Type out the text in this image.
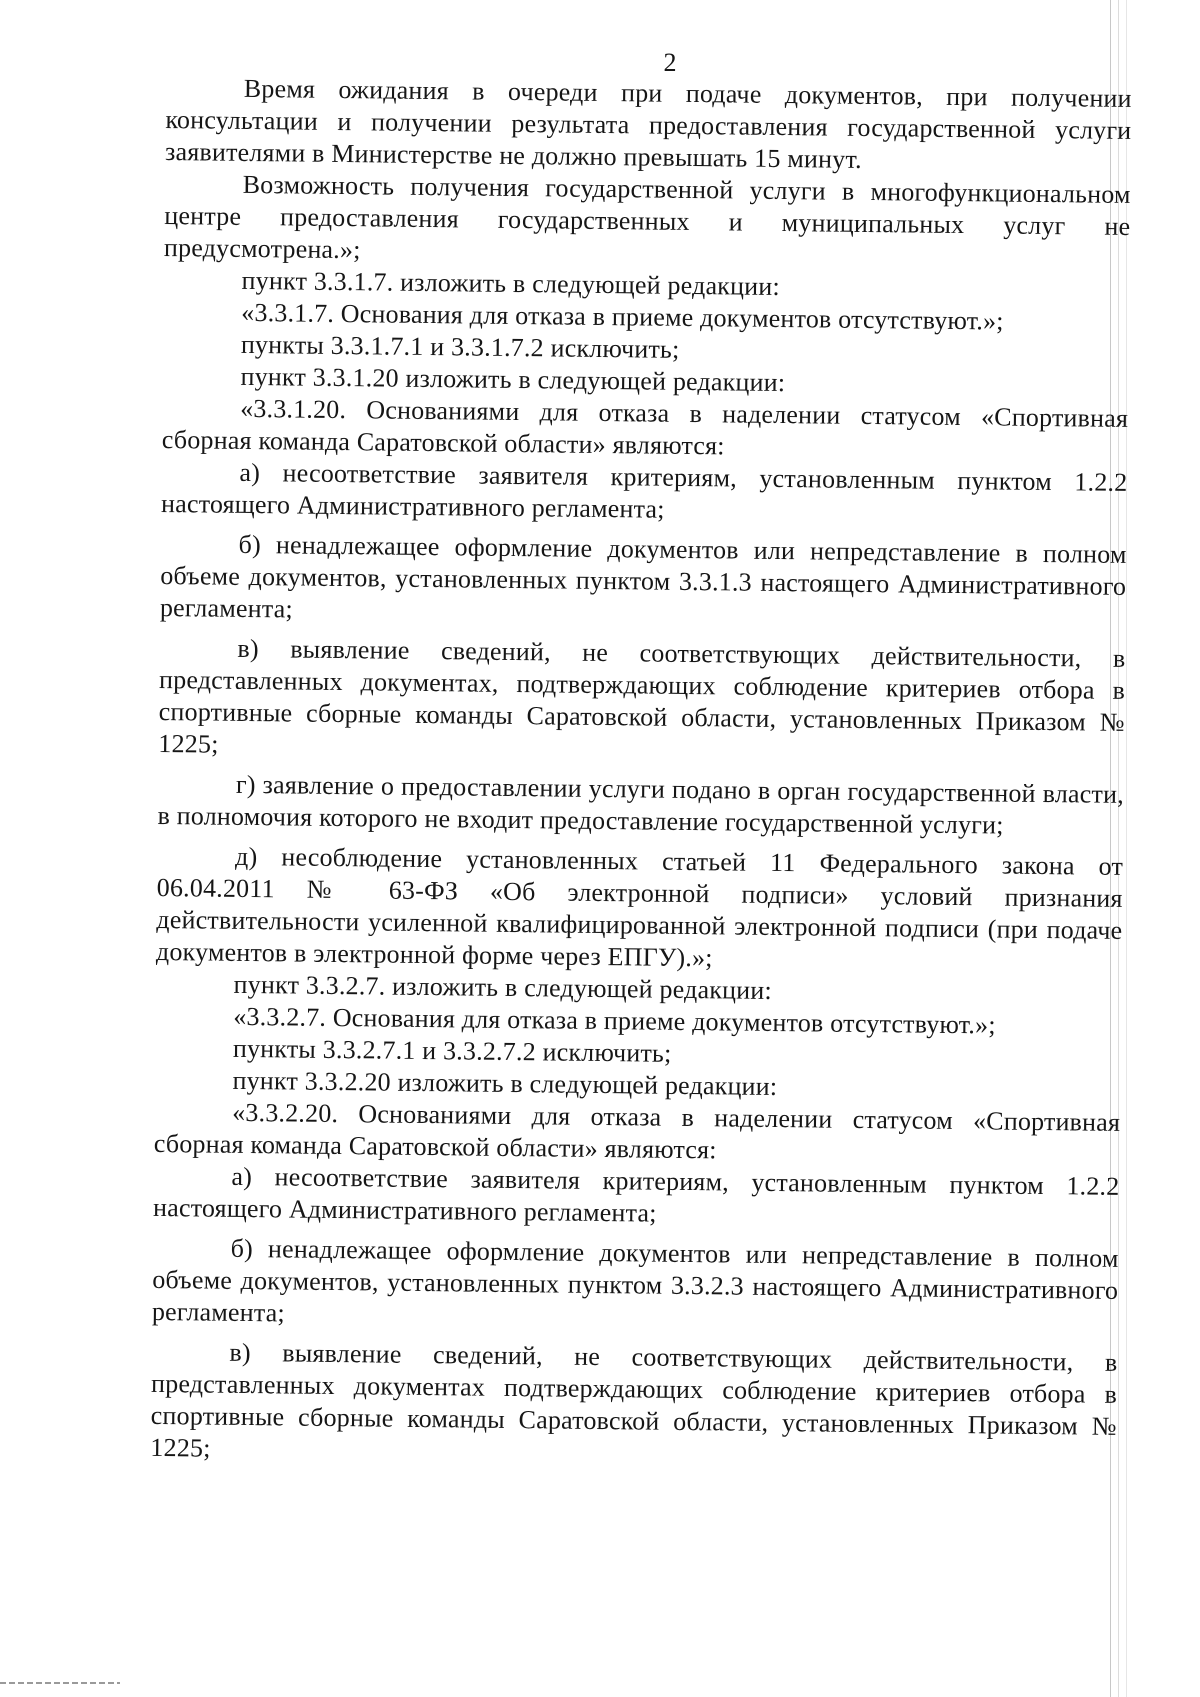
2

Время ожидания в очереди при подаче документов, при получении консультации и получении результата предоставления государственной услуги заявителями в Министерстве не должно превышать 15 минут.

Возможность получения государственной услуги в многофункциональном центре предоставления государственных и муниципальных услуг не предусмотрена.»;

пункт 3.3.1.7. изложить в следующей редакции:

«3.3.1.7. Основания для отказа в приеме документов отсутствуют.»;

пункты 3.3.1.7.1 и 3.3.1.7.2 исключить;

пункт 3.3.1.20 изложить в следующей редакции:

«3.3.1.20. Основаниями для отказа в наделении статусом «Спортивная сборная команда Саратовской области» являются:

а) несоответствие заявителя критериям, установленным пунктом 1.2.2 настоящего Административного регламента;

б) ненадлежащее оформление документов или непредставление в полном объеме документов, установленных пунктом 3.3.1.3 настоящего Административного регламента;

в) выявление сведений, не соответствующих действительности, в представленных документах, подтверждающих соблюдение критериев отбора в спортивные сборные команды Саратовской области, установленных Приказом № 1225;

г) заявление о предоставлении услуги подано в орган государственной власти, в полномочия которого не входит предоставление государственной услуги;

д) несоблюдение установленных статьей 11 Федерального закона от 06.04.2011 № 63-ФЗ «Об электронной подписи» условий признания действительности усиленной квалифицированной электронной подписи (при подаче документов в электронной форме через ЕПГУ).»;

пункт 3.3.2.7. изложить в следующей редакции:

«3.3.2.7. Основания для отказа в приеме документов отсутствуют.»;

пункты 3.3.2.7.1 и 3.3.2.7.2 исключить;

пункт 3.3.2.20 изложить в следующей редакции:

«3.3.2.20. Основаниями для отказа в наделении статусом «Спортивная сборная команда Саратовской области» являются:

а) несоответствие заявителя критериям, установленным пунктом 1.2.2 настоящего Административного регламента;

б) ненадлежащее оформление документов или непредставление в полном объеме документов, установленных пунктом 3.3.2.3 настоящего Административного регламента;

в) выявление сведений, не соответствующих действительности, в представленных документах подтверждающих соблюдение критериев отбора в спортивные сборные команды Саратовской области, установленных Приказом № 1225;
